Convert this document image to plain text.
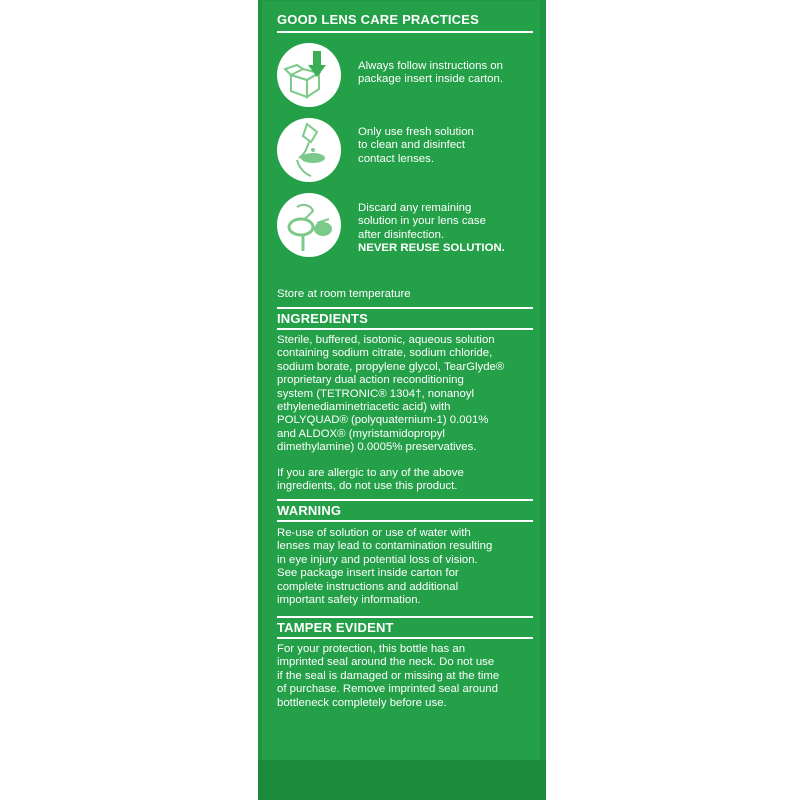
GOOD LENS CARE PRACTICES
Always follow instructions on
package insert inside carton.
Only use fresh solution
to clean and disinfect
contact lenses.
Discard any remaining
solution in your lens case
after disinfection.
NEVER REUSE SOLUTION.
Store at room temperature
INGREDIENTS
Sterile, buffered, isotonic, aqueous solution
containing sodium citrate, sodium chloride,
sodium borate, propylene glycol, TearGlyde®
proprietary dual action reconditioning
system (TETRONIC® 1304†, nonanoyl
ethylenediaminetriacetic acid) with
POLYQUAD® (polyquaternium-1) 0.001%
and ALDOX® (myristamidopropyl
dimethylamine) 0.0005% preservatives.
If you are allergic to any of the above
ingredients, do not use this product.
WARNING
Re-use of solution or use of water with
lenses may lead to contamination resulting
in eye injury and potential loss of vision.
See package insert inside carton for
complete instructions and additional
important safety information.
TAMPER EVIDENT
For your protection, this bottle has an
imprinted seal around the neck. Do not use
if the seal is damaged or missing at the time
of purchase. Remove imprinted seal around
bottleneck completely before use.
